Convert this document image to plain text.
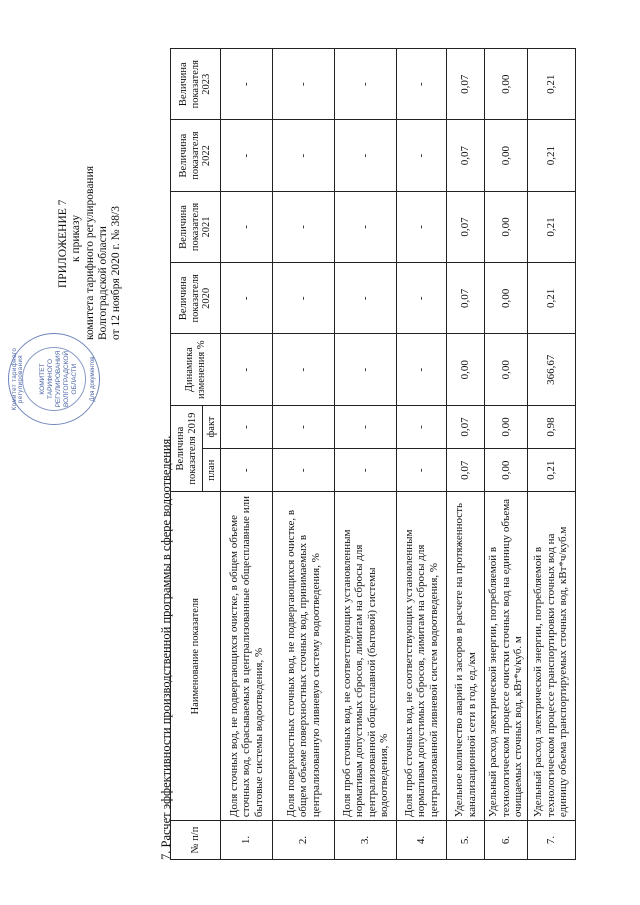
Комитет тарифного регулирования КОМИТЕТ ТАРИФНОГО РЕГУЛИРОВАНИЯ ВОЛГОГРАДСКОЙ ОБЛАСТИ Для документов
ПРИЛОЖЕНИЕ 7 к приказу комитета тарифного регулирования Волгоградской области от 12 ноября 2020 г. № 38/3
7. Расчет эффективности производственной программы в сфере водоотведения. № п/п	Наименование показателя	Величина показателя 2019		Динамика изменения %	Величина показателя 2020	Величина показателя 2021	Величина показателя 2022	Величина показателя 2023
		план	факт					
1.	Доля сточных вод, не подвергающихся очистке, в общем объеме сточных вод, сбрасываемых в централизованные общесплавные или бытовые системы водоотведения, %	-	-	-	-	-	-	-
2.	Доля поверхностных сточных вод, не подвергающихся очистке, в общем объеме поверхностных сточных вод, принимаемых в централизованную ливневую систему водоотведения, %	-	-	-	-	-	-	-
3.	Доля проб сточных вод, не соответствующих установленным нормативам допустимых сбросов, лимитам на сбросы для централизованной общесплавной (бытовой) системы водоотведения, %	-	-	-	-	-	-	-
4.	Доля проб сточных вод, не соответствующих установленным нормативам допустимых сбросов, лимитам на сбросы для централизованной ливневой систем водоотведения, %	-	-	-	-	-	-	-
5.	Удельное количество аварий и засоров в расчете на протяженность канализационной сети в год, ед./км	0,07	0,07	0,00	0,07	0,07	0,07	0,07
6.	Удельный расход электрической энергии, потребляемой в технологическом процессе очистки сточных вод на единицу объема очищаемых сточных вод, кВт*ч/куб. м	0,00	0,00	0,00	0,00	0,00	0,00	0,00
7.	Удельный расход электрической энергии, потребляемой в технологическом процессе транспортировки сточных вод на единицу объема транспортируемых сточных вод, кВт*ч/куб.м	0,21	0,98	366,67	0,21	0,21	0,21	0,21
